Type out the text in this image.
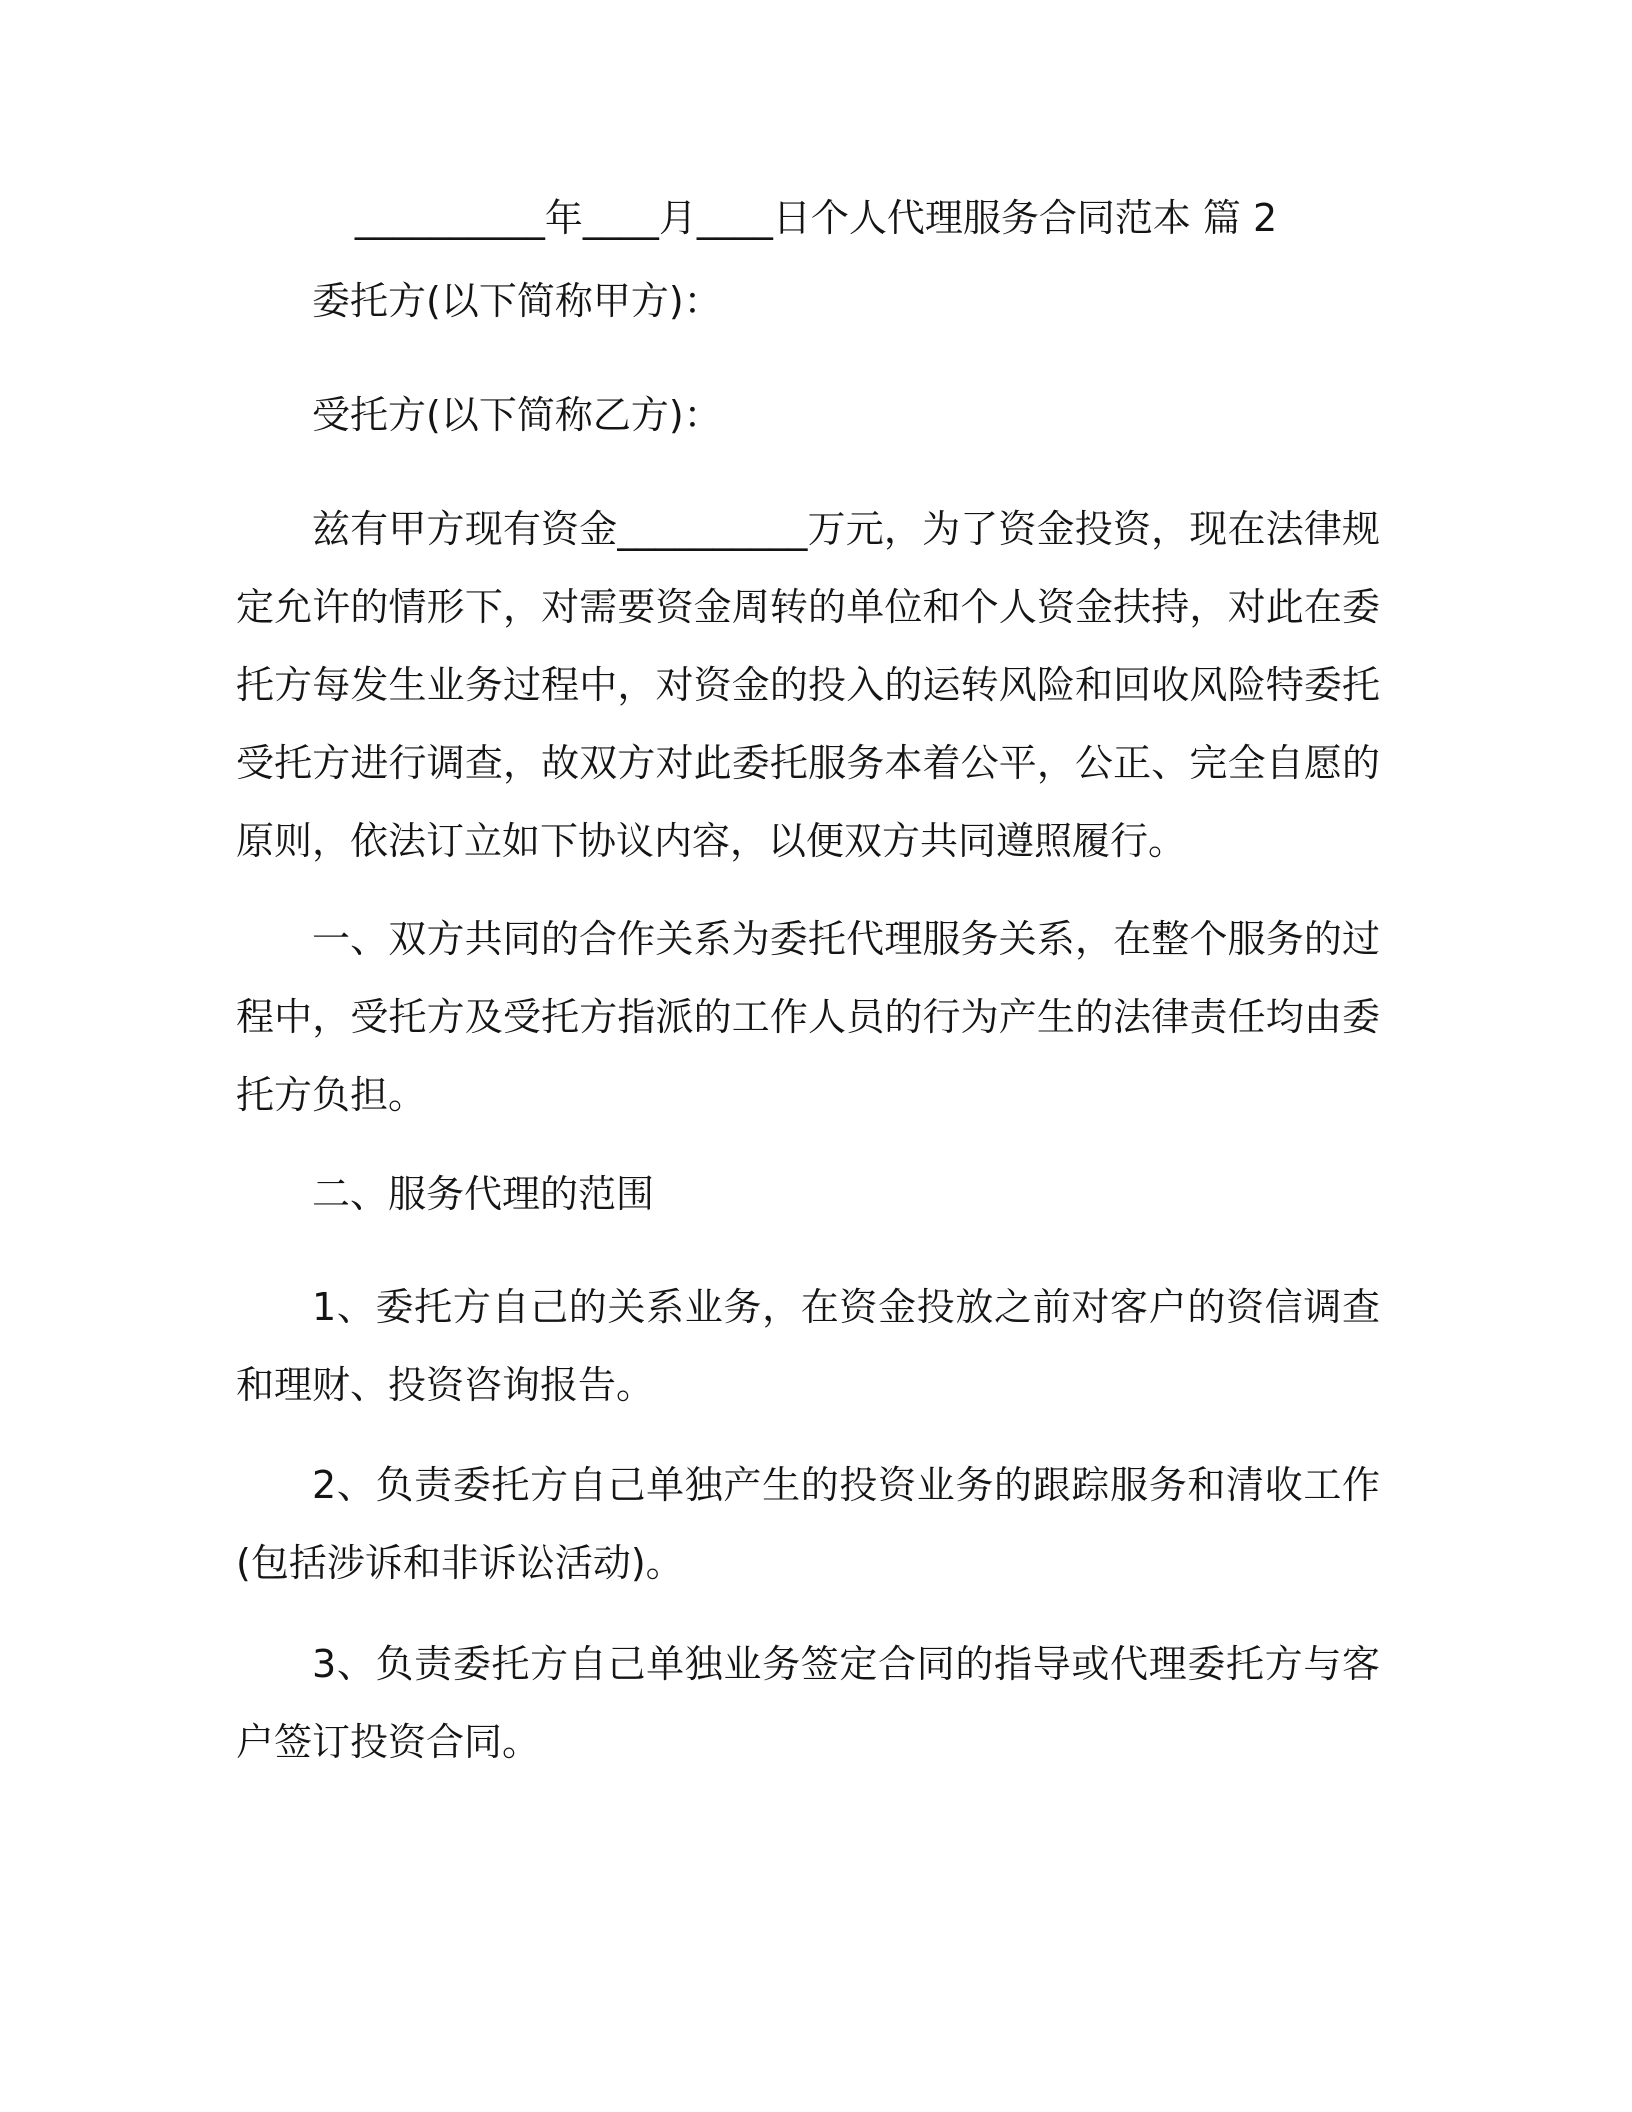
__________年____月____日个人代理服务合同范本 篇 2

委托方(以下简称甲方)：

受托方(以下简称乙方)：

兹有甲方现有资金__________万元，为了资金投资，现在法律规定允许的情形下，对需要资金周转的单位和个人资金扶持，对此在委托方每发生业务过程中，对资金的投入的运转风险和回收风险特委托受托方进行调查，故双方对此委托服务本着公平，公正、完全自愿的原则，依法订立如下协议内容，以便双方共同遵照履行。

一、双方共同的合作关系为委托代理服务关系，在整个服务的过程中，受托方及受托方指派的工作人员的行为产生的法律责任均由委托方负担。

二、服务代理的范围

1、委托方自己的关系业务，在资金投放之前对客户的资信调查和理财、投资咨询报告。

2、负责委托方自己单独产生的投资业务的跟踪服务和清收工作(包括涉诉和非诉讼活动)。

3、负责委托方自己单独业务签定合同的指导或代理委托方与客户签订投资合同。
